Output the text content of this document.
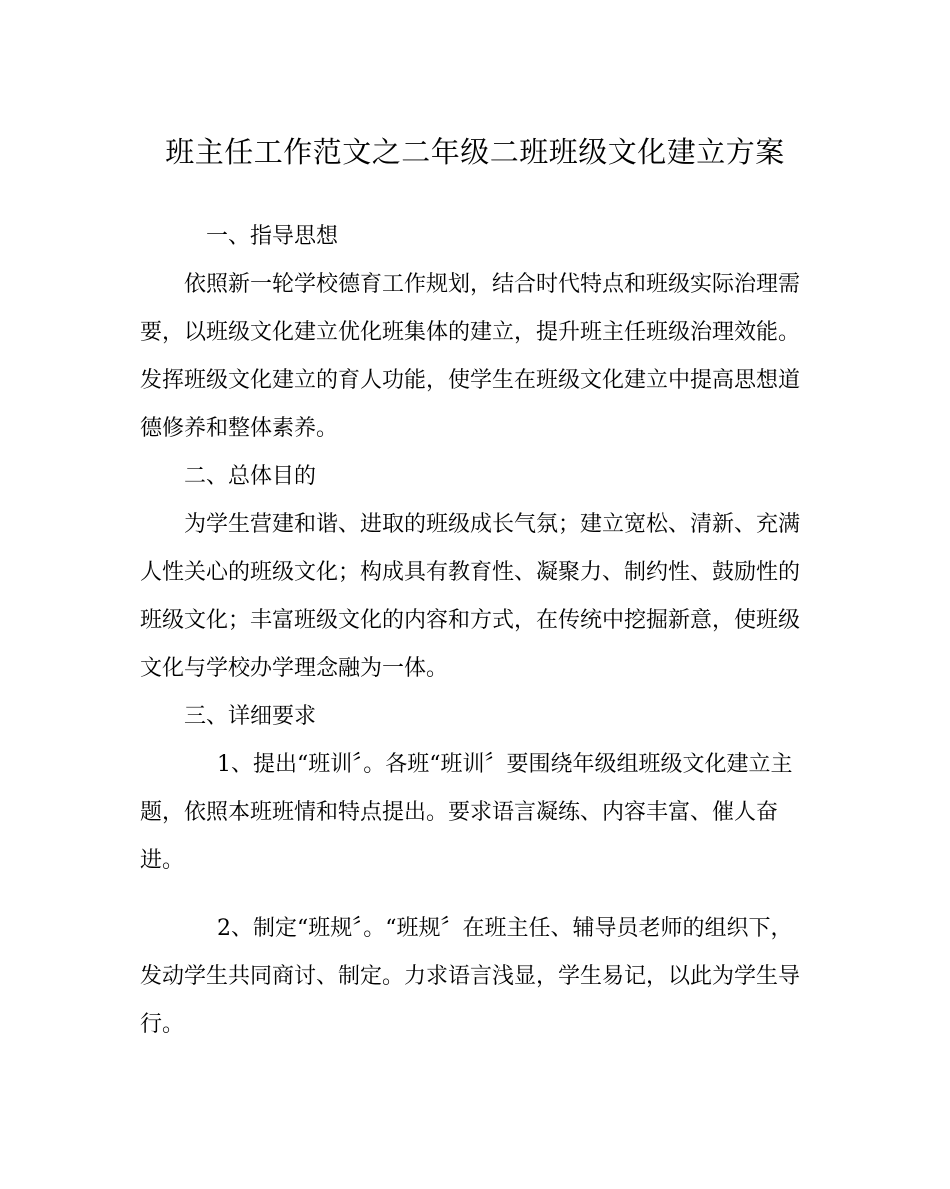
班主任工作范文之二年级二班班级文化建立方案

一、指导思想

依照新一轮学校德育工作规划，结合时代特点和班级实际治理需要，以班级文化建立优化班集体的建立，提升班主任班级治理效能。发挥班级文化建立的育人功能，使学生在班级文化建立中提高思想道德修养和整体素养。

二、总体目的

为学生营建和谐、进取的班级成长气氛；建立宽松、清新、充满人性关心的班级文化；构成具有教育性、凝聚力、制约性、鼓励性的班级文化；丰富班级文化的内容和方式，在传统中挖掘新意，使班级文化与学校办学理念融为一体。

三、详细要求

1、提出“班训〞。各班“班训〞要围绕年级组班级文化建立主题，依照本班班情和特点提出。要求语言凝练、内容丰富、催人奋进。

2、制定“班规〞。“班规〞在班主任、辅导员老师的组织下，发动学生共同商讨、制定。力求语言浅显，学生易记，以此为学生导行。
